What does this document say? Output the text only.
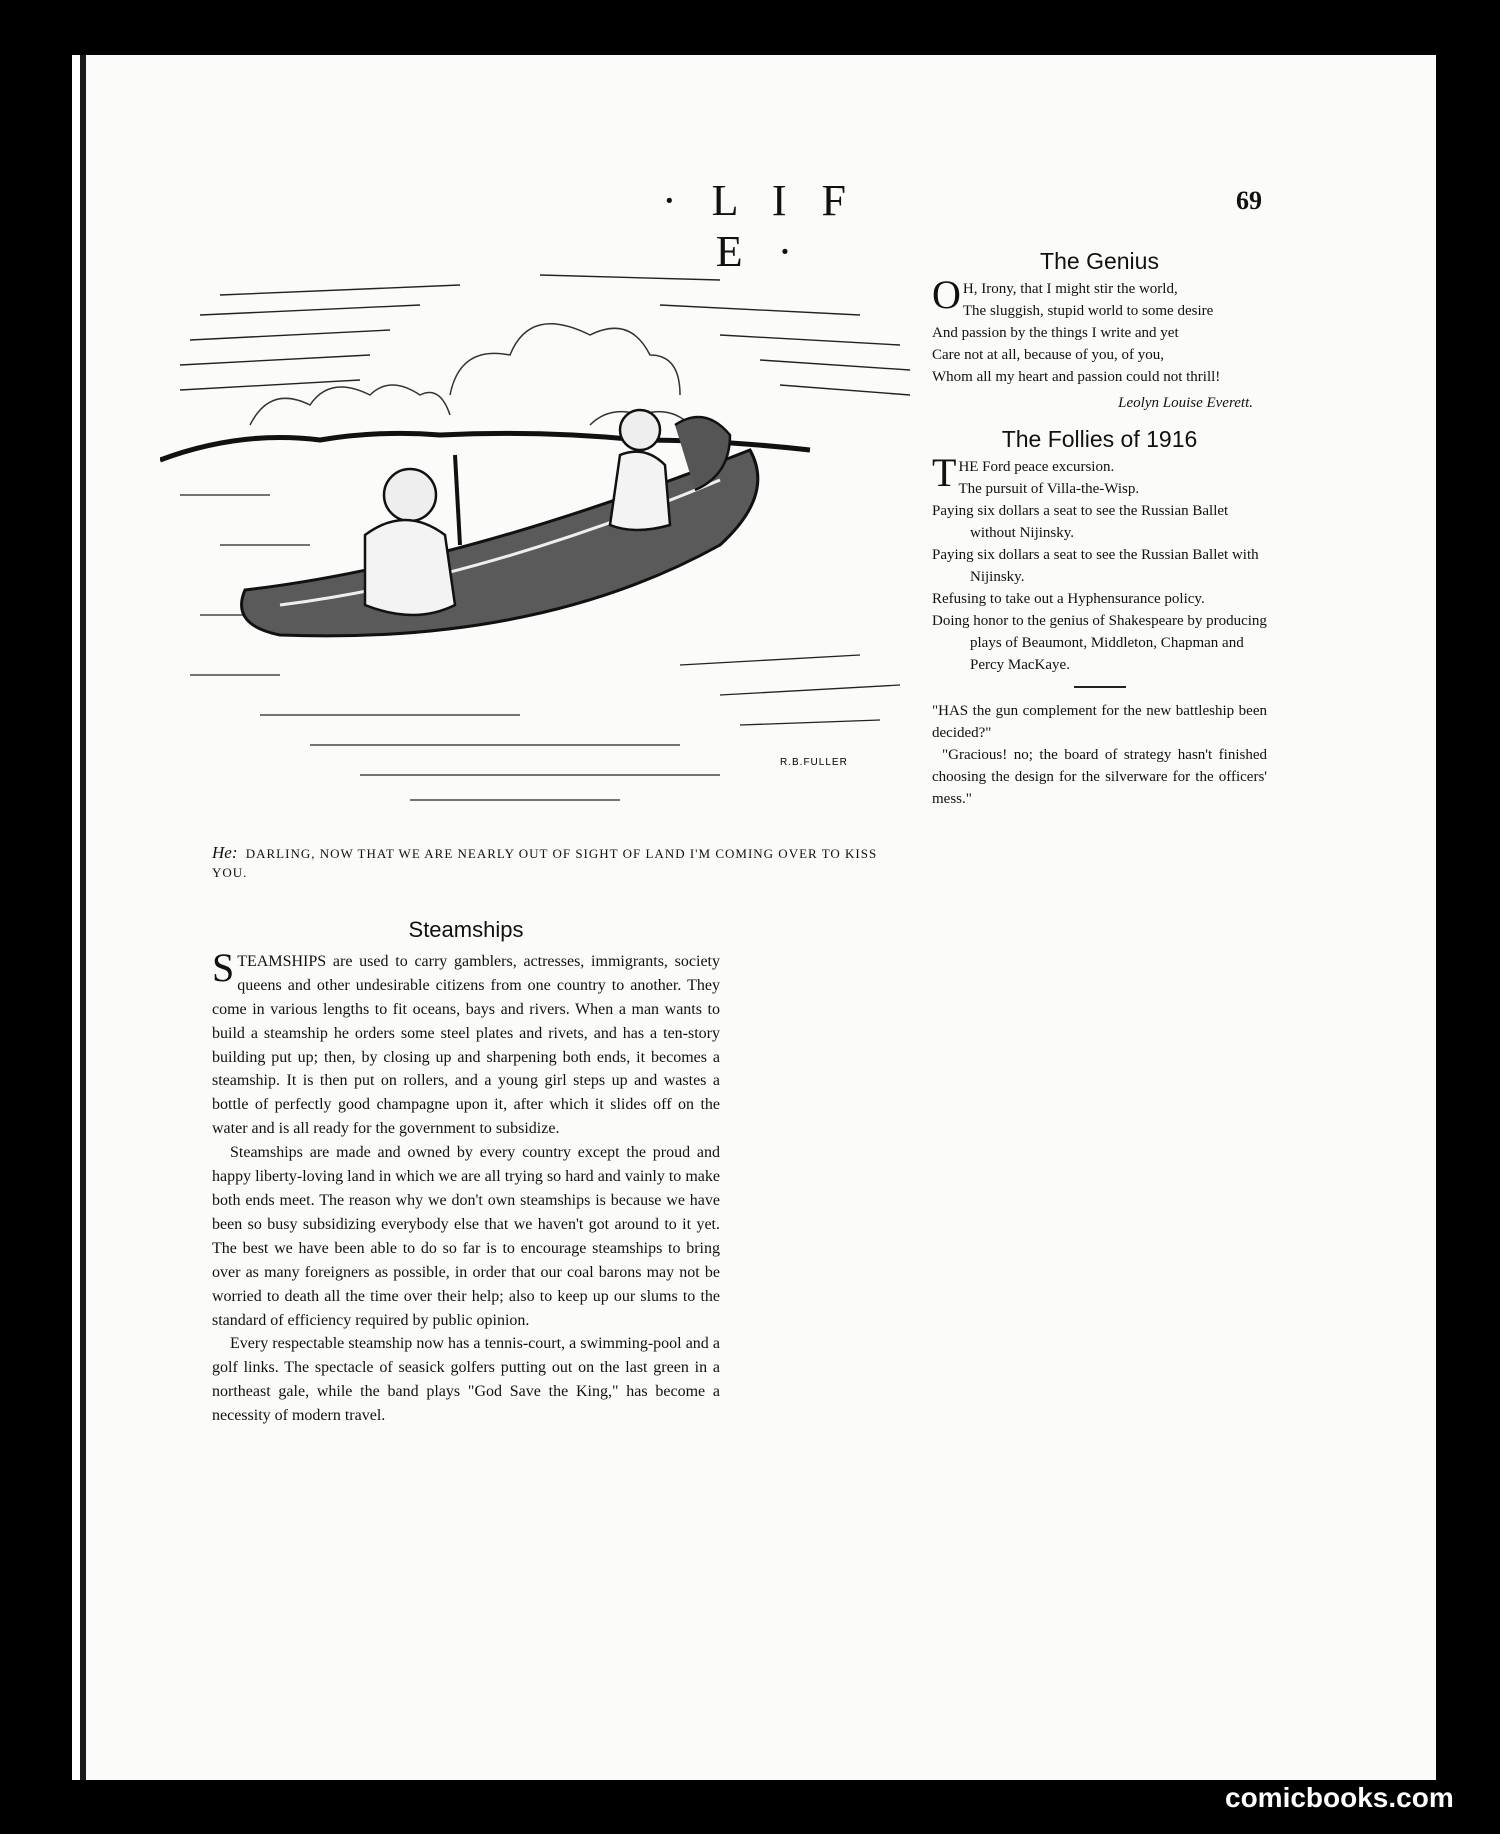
· L I F E ·
69
R.B.FULLER
He: DARLING, NOW THAT WE ARE NEARLY OUT OF SIGHT OF LAND I'M COMING OVER TO KISS YOU.
The Genius

OH, Irony, that I might stir the world,

The sluggish, stupid world to some desire

And passion by the things I write and yet

Care not at all, because of you, of you,

Whom all my heart and passion could not thrill!

Leolyn Louise Everett.

The Follies of 1916

THE Ford peace excursion.

The pursuit of Villa-the-Wisp.

Paying six dollars a seat to see the Russian Ballet without Nijinsky.

Paying six dollars a seat to see the Russian Ballet with Nijinsky.

Refusing to take out a Hyphensurance policy.

Doing honor to the genius of Shakespeare by producing plays of Beaumont, Middleton, Chapman and Percy MacKaye.

"HAS the gun complement for the new battleship been decided?"

"Gracious! no; the board of strategy hasn't finished choosing the design for the silverware for the officers' mess."

Steamships

STEAMSHIPS are used to carry gamblers, actresses, immigrants, society queens and other undesirable citizens from one country to another. They come in various lengths to fit oceans, bays and rivers. When a man wants to build a steamship he orders some steel plates and rivets, and has a ten-story building put up; then, by closing up and sharpening both ends, it becomes a steamship. It is then put on rollers, and a young girl steps up and wastes a bottle of perfectly good champagne upon it, after which it slides off on the water and is all ready for the government to subsidize.

Steamships are made and owned by every country except the proud and happy liberty-loving land in which we are all trying so hard and vainly to make both ends meet. The reason why we don't own steamships is because we have been so busy subsidizing everybody else that we haven't got around to it yet. The best we have been able to do so far is to encourage steamships to bring over as many foreigners as possible, in order that our coal barons may not be worried to death all the time over their help; also to keep up our slums to the standard of efficiency required by public opinion.

Every respectable steamship now has a tennis-court, a swimming-pool and a golf links. The spectacle of seasick golfers putting out on the last green in a northeast gale, while the band plays "God Save the King," has become a necessity of modern travel.

comicbooks.com
